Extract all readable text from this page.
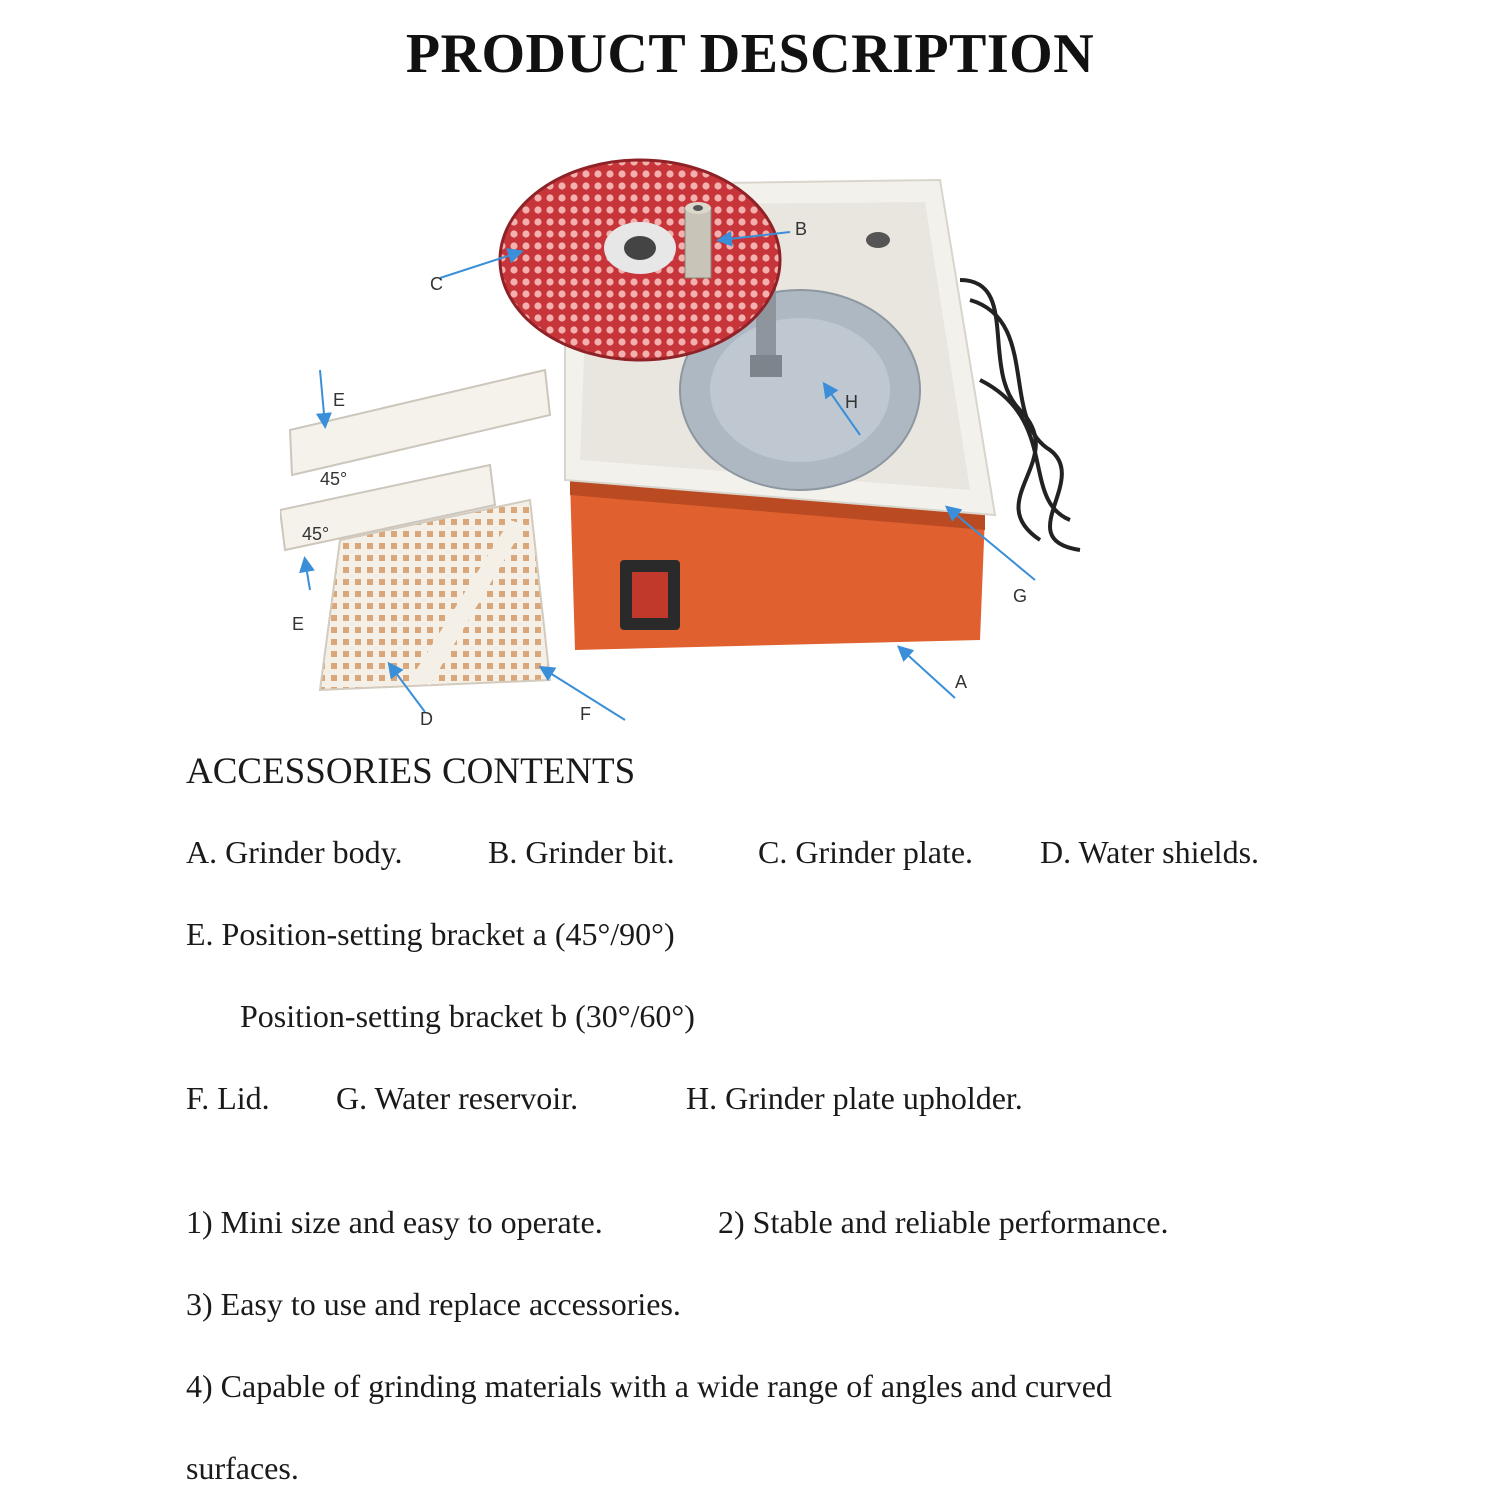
PRODUCT DESCRIPTION
45°
45°
A
B
C
D
E
E
F
G
H
ACCESSORIES CONTENTS
A. Grinder body.	B. Grinder bit.	C. Grinder plate. D. Water shields.
E. Position-setting bracket a (45°/90°)
Position-setting bracket b (30°/60°)
F. Lid. G. Water reservoir.	H. Grinder plate upholder.
1) Mini size and easy to operate.	2) Stable and reliable performance.
3) Easy to use and replace accessories.
4) Capable of grinding materials with a wide range of angles and curved
surfaces.
